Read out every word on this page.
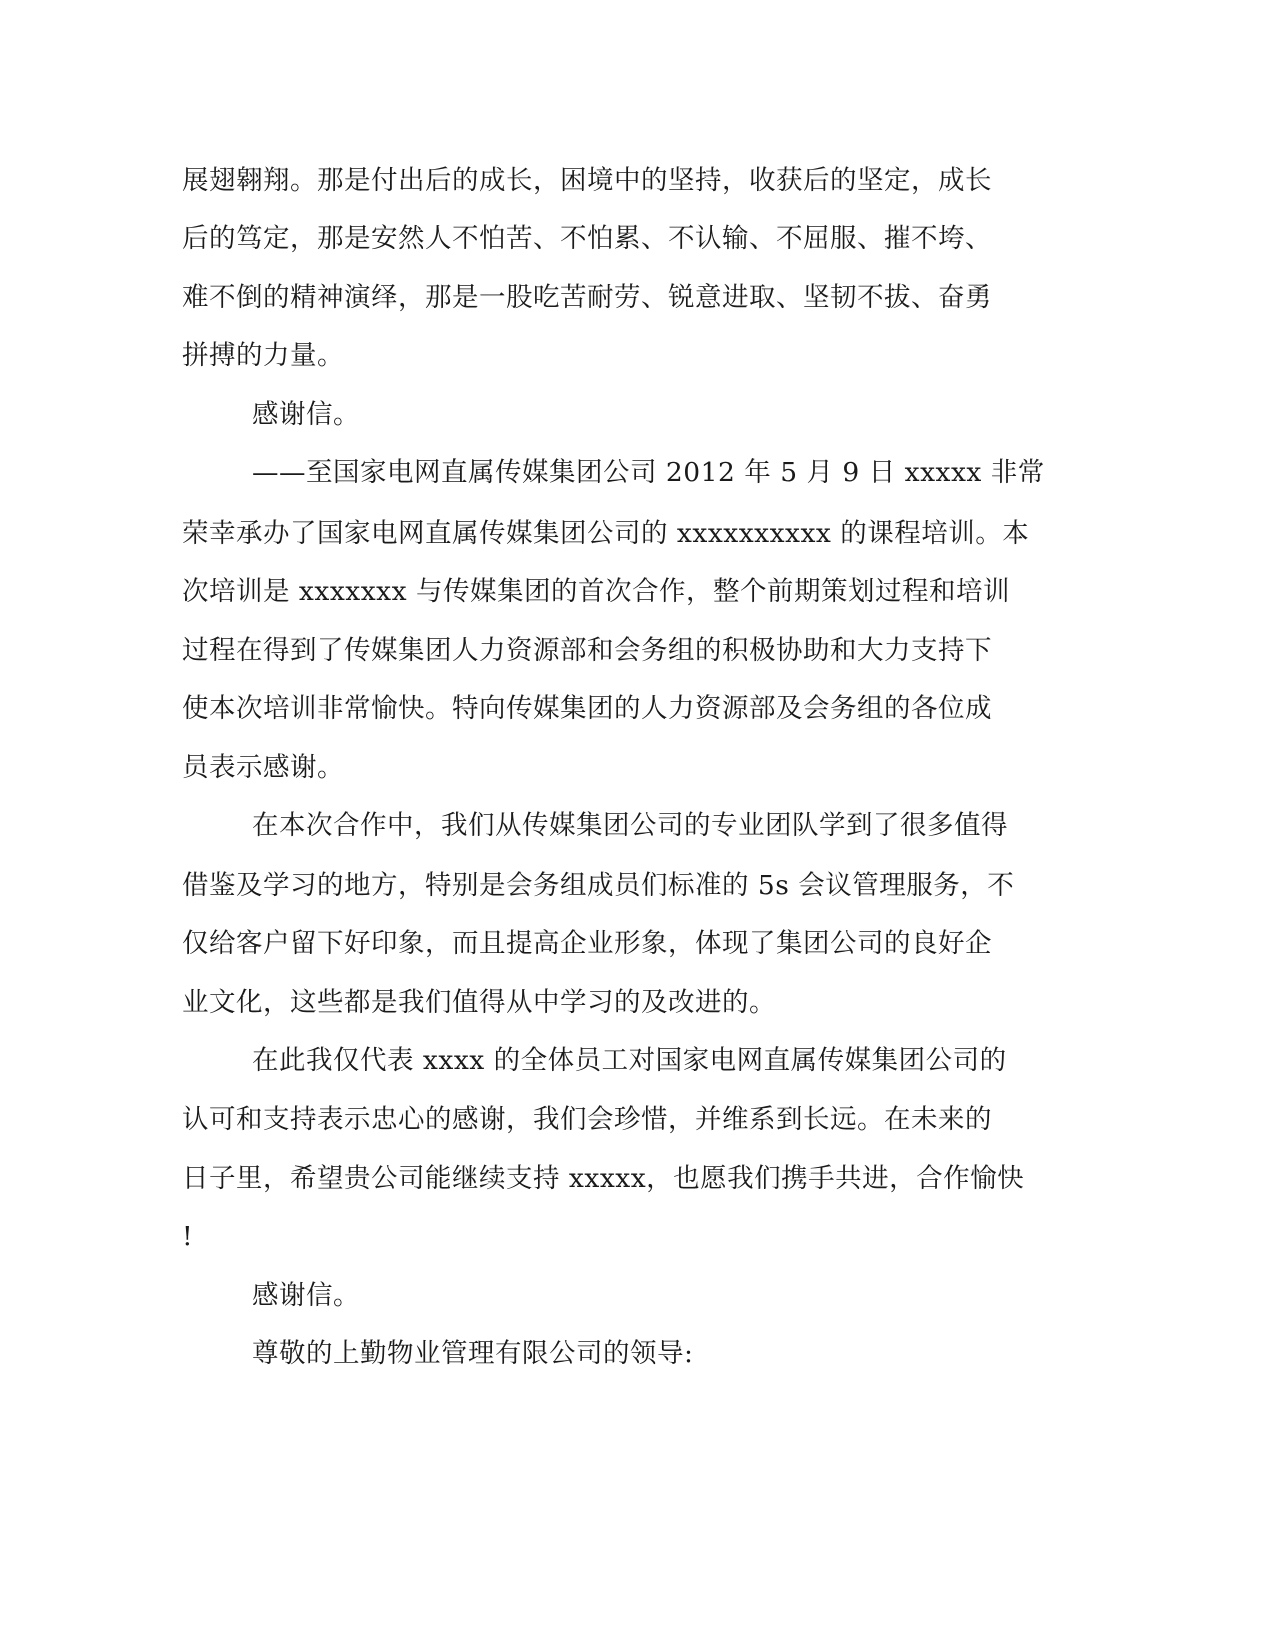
展翅翱翔。那是付出后的成长，困境中的坚持，收获后的坚定，成长
后的笃定，那是安然人不怕苦、不怕累、不认输、不屈服、摧不垮、
难不倒的精神演绎，那是一股吃苦耐劳、锐意进取、坚韧不拔、奋勇
拼搏的力量。
感谢信。
——至国家电网直属传媒集团公司 2012 年 5 月 9 日 xxxxx 非常
荣幸承办了国家电网直属传媒集团公司的 xxxxxxxxxx 的课程培训。本
次培训是 xxxxxxx 与传媒集团的首次合作，整个前期策划过程和培训
过程在得到了传媒集团人力资源部和会务组的积极协助和大力支持下
使本次培训非常愉快。特向传媒集团的人力资源部及会务组的各位成
员表示感谢。
在本次合作中，我们从传媒集团公司的专业团队学到了很多值得
借鉴及学习的地方，特别是会务组成员们标准的 5s 会议管理服务，不
仅给客户留下好印象，而且提高企业形象，体现了集团公司的良好企
业文化，这些都是我们值得从中学习的及改进的。
在此我仅代表 xxxx 的全体员工对国家电网直属传媒集团公司的
认可和支持表示忠心的感谢，我们会珍惜，并维系到长远。在未来的
日子里，希望贵公司能继续支持 xxxxx，也愿我们携手共进，合作愉快
!
感谢信。
尊敬的上勤物业管理有限公司的领导:
